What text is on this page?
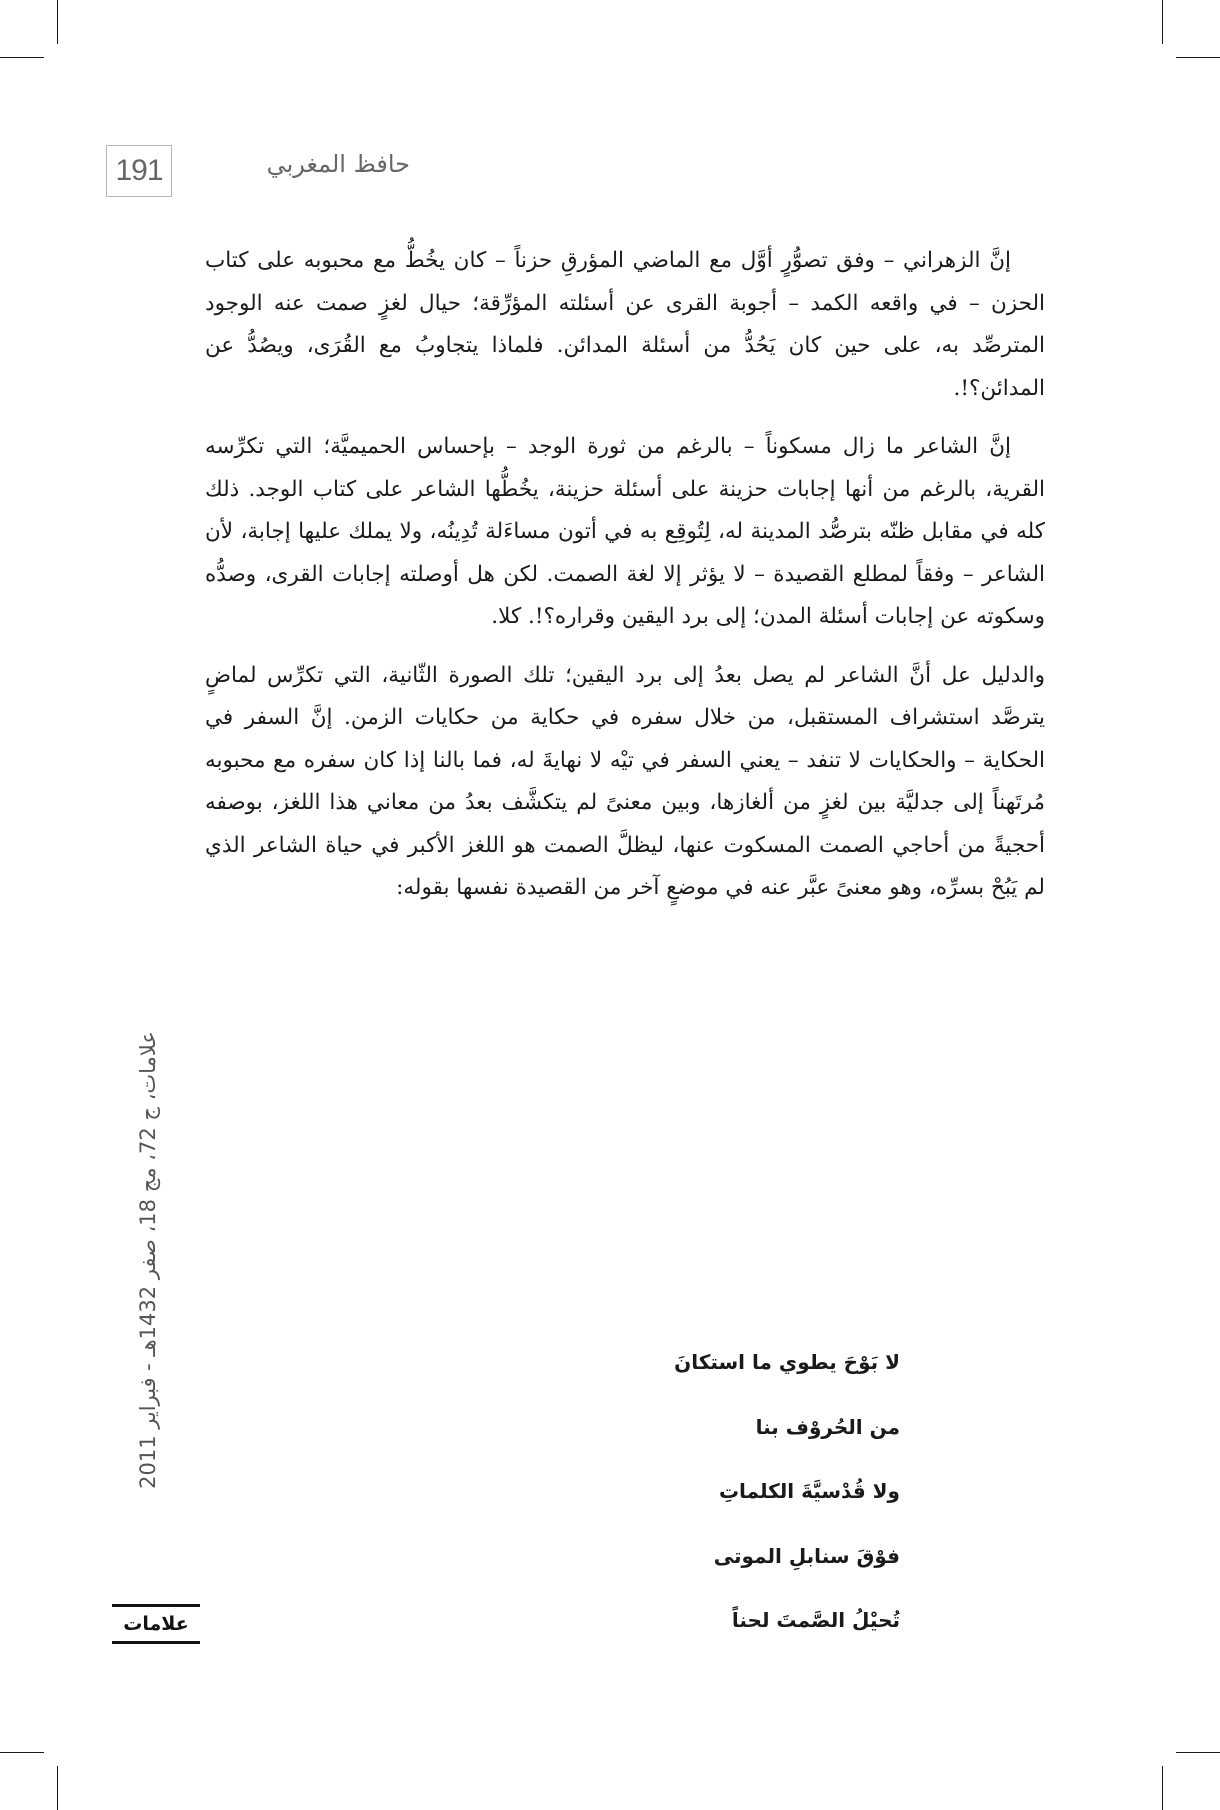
191	حافظ المغربي

إنَّ الزهراني – وفق تصوُّرٍ أوَّل مع الماضي المؤرقِ حزناً – كان يخُطُّ مع محبوبه على كتاب الحزن – في واقعه الكمد – أجوبة القرى عن أسئلته المؤرِّقة؛ حيال لغزٍ صمت عنه الوجود المترصِّد به، على حين كان يَحُدُّ من أسئلة المدائن. فلماذا يتجاوبُ مع القُرَى، ويصُدُّ عن المدائن؟!.

إنَّ الشاعر ما زال مسكوناً – بالرغم من ثورة الوجد – بإحساس الحميميَّة؛ التي تكرِّسه القرية، بالرغم من أنها إجابات حزينة على أسئلة حزينة، يخُطُّها الشاعر على كتاب الوجد. ذلك كله في مقابل ظنّه بترصُّد المدينة له، لِتُوقِع به في أتون مساءَلة تُدِينُه، ولا يملك عليها إجابة، لأن الشاعر – وفقاً لمطلع القصيدة – لا يؤثر إلا لغة الصمت. لكن هل أوصلته إجابات القرى، وصدُّه وسكوته عن إجابات أسئلة المدن؛ إلى برد اليقين وقراره؟!. كلا.

والدليل عل أنَّ الشاعر لم يصل بعدُ إلى برد اليقين؛ تلك الصورة الثّانية، التي تكرِّس لماضٍ يترصَّد استشراف المستقبل، من خلال سفره في حكاية من حكايات الزمن. إنَّ السفر في الحكاية – والحكايات لا تنفد – يعني السفر في تيْه لا نهايةَ له، فما بالنا إذا كان سفره مع محبوبه مُرتَهناً إلى جدليَّة بين لغزٍ من ألغازها، وبين معنىً لم يتكشَّف بعدُ من معاني هذا اللغز، بوصفه أحجيةً من أحاجي الصمت المسكوت عنها، ليظلَّ الصمت هو اللغز الأكبر في حياة الشاعر الذي لم يَبُحْ بسرِّه، وهو معنىً عبَّر عنه في موضعٍ آخر من القصيدة نفسها بقوله:

لا بَوْحَ يطوي ما استكانَ
من الحُروْف بنا
ولا قُدْسيَّةَ الكلماتِ
فوْقَ سنابلِ الموتى
تُحيْلُ الصَّمتَ لحناً
علامات، ج 72، مج 18، صفر 1432هـ - فبراير 2011
علامات
